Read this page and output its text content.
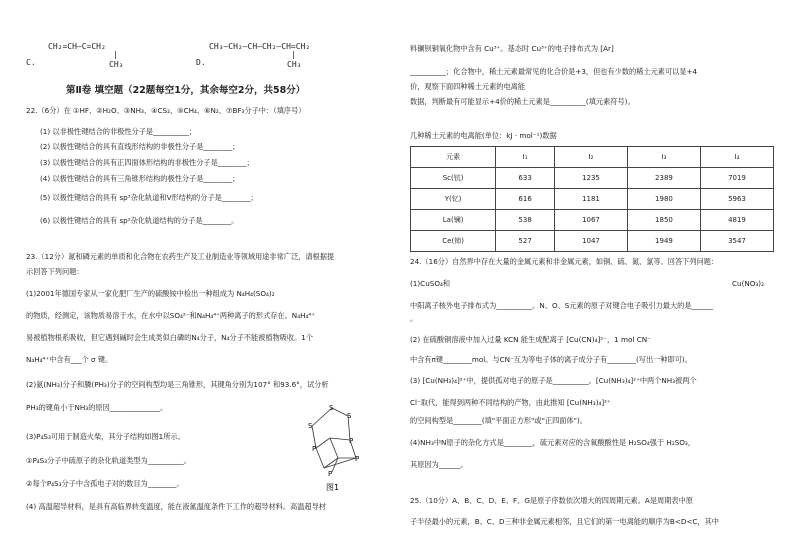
C.
CH₂=CH—C=CH₂
|
CH₃	D.
CH₃—CH₂—CH—CH₂—CH=CH₂
|
CH₃
第Ⅱ卷 填空题（22题每空1分，其余每空2分，共58分）
22.（6分）在 ①HF、②H₂O、③NH₃、④CS₂、⑤CH₄、⑥N₂、⑦BF₃分子中：（填序号）
(1) 以非极性键结合的非极性分子是__________；
(2) 以极性键结合的具有直线形结构的非极性分子是________；
(3) 以极性键结合的具有正四面体形结构的非极性分子是________；
(4) 以极性键结合的具有三角锥形结构的极性分子是________；
(5) 以极性键结合的具有 sp³杂化轨道和V形结构的分子是________；
(6) 以极性键结合的具有 sp²杂化轨道结构的分子是________。
23.（12分）氮和磷元素的单质和化合物在农药生产及工业制造业等领域用途非常广泛，请根据提
示回答下列问题：
(1)2001年德国专家从一家化肥厂生产的硫酸铵中检出一种组成为 N₄H₄(SO₄)₂
的物质，经测定，该物质易溶于水，在水中以SO₄²⁻和N₄H₄⁴⁺两种离子的形式存在。N₄H₄⁴⁺
易被植物根系吸收，但它遇到碱时会生成类似白磷的N₄分子，N₄分子不能被植物吸收。1个
N₄H₄⁴⁺中含有___个 σ 键。
(2)氨(NH₃)分子和膦(PH₃)分子的空间构型均是三角锥形，其键角分别为107° 和93.6°，试分析
PH₃的键角小于NH₃的原因______________。
(3)P₄S₃可用于制造火柴，其分子结构如图1所示。
①P₄S₃分子中硫原子的杂化轨道类型为__________。
②每个P₄S₃分子中含孤电子对的数目为________。
(4) 高温超导材料，是具有高临界转变温度，能在液氮温度条件下工作的超导材料。高温超导材
S
S
S
P
P
P
P
图1
料镧钡铜氧化物中含有 Cu³⁺。基态时 Cu³⁺的电子排布式为 [Ar]
__________；化合物中，稀土元素最常见的化合价是+3，但也有少数的稀土元素可以显+4
价，观察下面四种稀土元素的电离能
数据，判断最有可能显示+4价的稀土元素是__________(填元素符号)。
几种稀土元素的电离能(单位：kJ · mol⁻¹)数据
元素	I₁	I₂	I₃	I₄
Sc(钪)	633	1235	2389	7019
Y(钇)	616	1181	1980	5963
La(镧)	538	1067	1850	4819
Ce(铈)	527	1047	1949	3547
24.（16分）自然界中存在大量的金属元素和非金属元素，如铜、硫、氮、氯等。回答下列问题：
(1)CuSO₄和	Cu(NO₃)₂
中阳离子核外电子排布式为__________。N、O、S元素的原子对键合电子吸引力最大的是______
。
(2) 在硫酸铜溶液中加入过量 KCN 能生成配离子 [Cu(CN)₄]²⁻，1 mol CN⁻
中含有π键________mol。与CN⁻互为等电子体的离子成分子有________(写出一种即可)。
(3) [Cu(NH₃)₄]²⁺中，提供孤对电子的原子是__________。[Cu(NH₃)₄]²⁺中两个NH₃被两个
Cl⁻取代，能得到两种不同结构的产物，由此推知 [Cu(NH₃)₄]²⁺
的空间构型是________(填"平面正方形"或"正四面体")。
(4)NH₃中N原子的杂化方式是________，硫元素对应的含氧酸酸性是 H₂SO₄强于 H₂SO₃，
其原因为______。
25.（10分）A、B、C、D、E、F、G是原子序数依次增大的四周期元素。A是周期表中原
子半径最小的元素，B、C、D三种非金属元素相邻，且它们的第一电离能的顺序为B<D<C，其中
